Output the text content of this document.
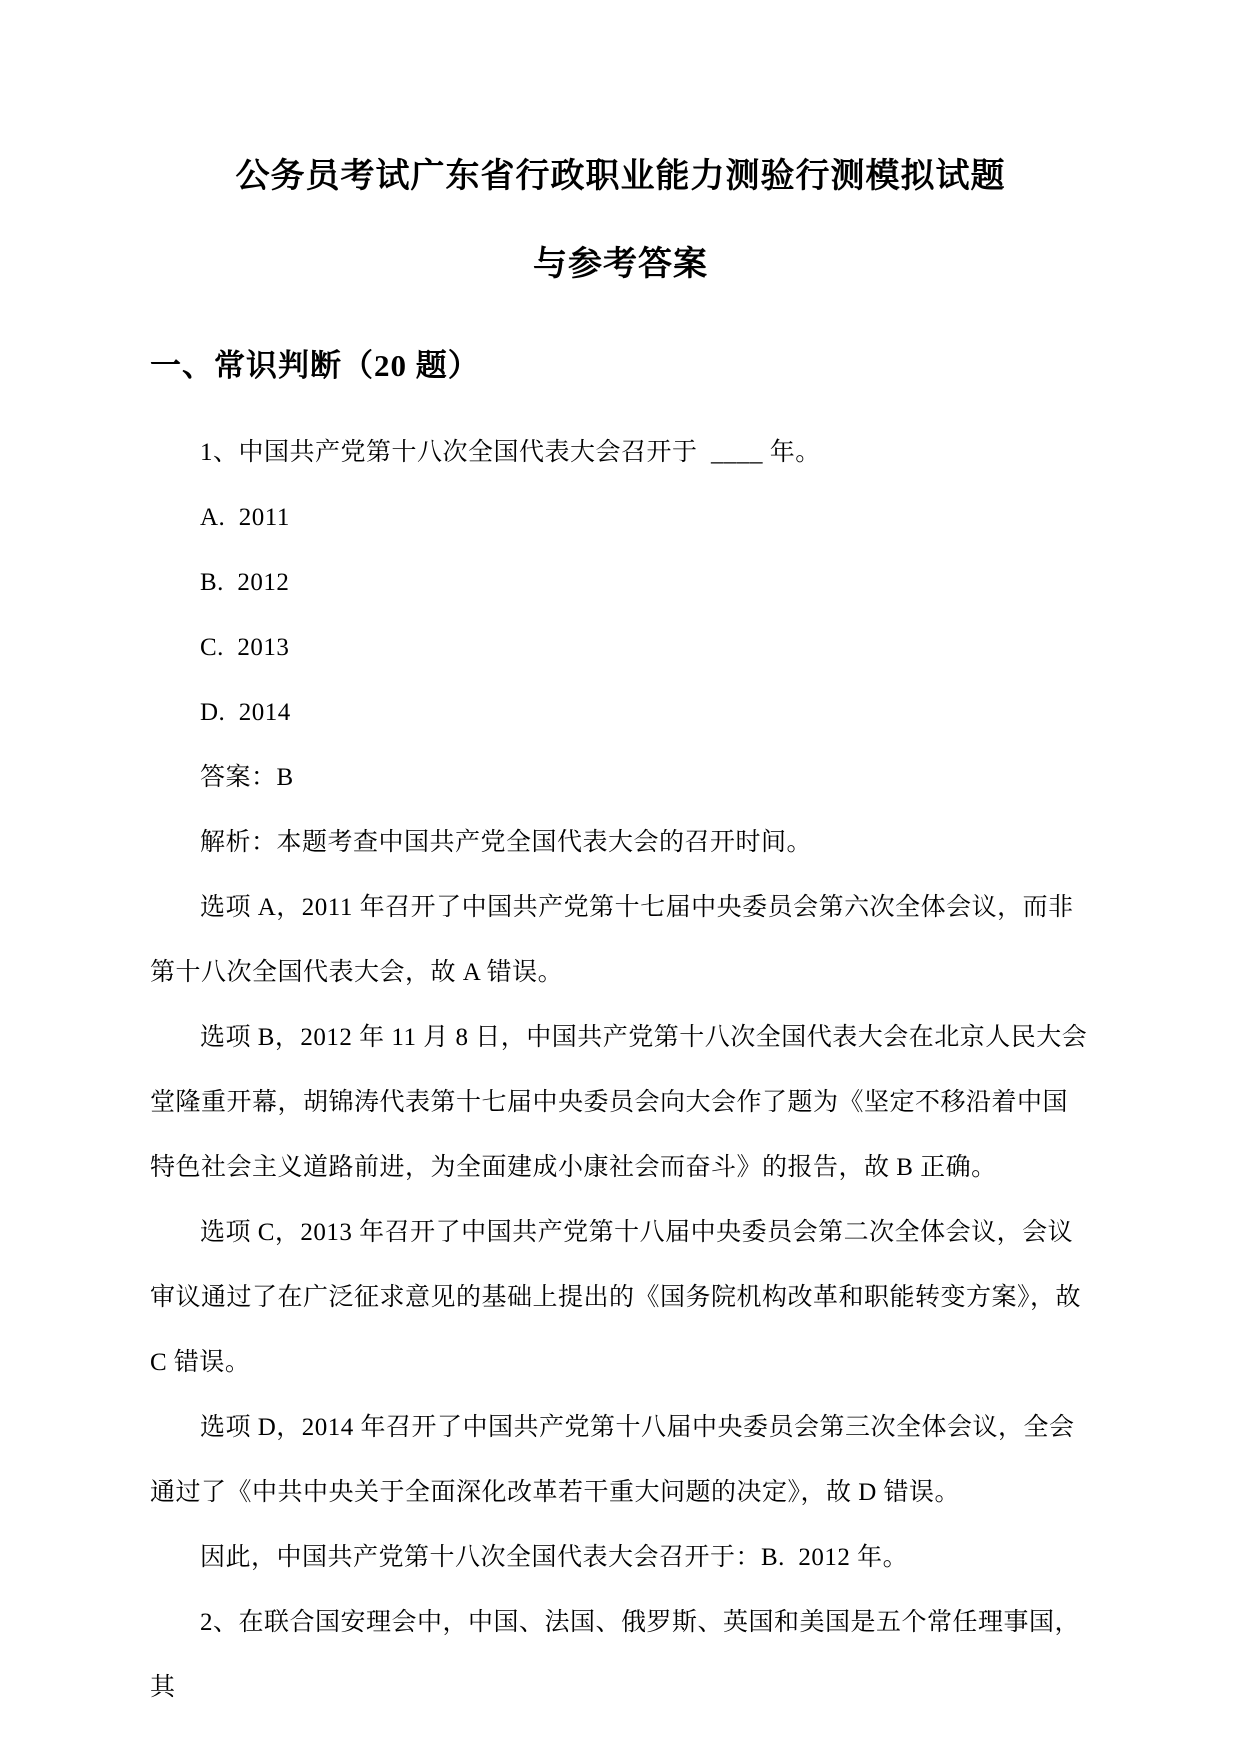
公务员考试广东省行政职业能力测验行测模拟试题
与参考答案
一、常识判断（20 题）

1、中国共产党第十八次全国代表大会召开于  ____ 年。

A.  2011

B.  2012

C.  2013

D.  2014

答案：B

解析：本题考查中国共产党全国代表大会的召开时间。

选项 A，2011 年召开了中国共产党第十七届中央委员会第六次全体会议，而非第十八次全国代表大会，故 A 错误。

选项 B，2012 年 11 月 8 日，中国共产党第十八次全国代表大会在北京人民大会堂隆重开幕，胡锦涛代表第十七届中央委员会向大会作了题为《坚定不移沿着中国特色社会主义道路前进，为全面建成小康社会而奋斗》的报告，故 B 正确。

选项 C，2013 年召开了中国共产党第十八届中央委员会第二次全体会议，会议审议通过了在广泛征求意见的基础上提出的《国务院机构改革和职能转变方案》，故 C 错误。

选项 D，2014 年召开了中国共产党第十八届中央委员会第三次全体会议，全会通过了《中共中央关于全面深化改革若干重大问题的决定》，故 D 错误。

因此，中国共产党第十八次全国代表大会召开于：B.  2012 年。

2、在联合国安理会中，中国、法国、俄罗斯、英国和美国是五个常任理事国，其
